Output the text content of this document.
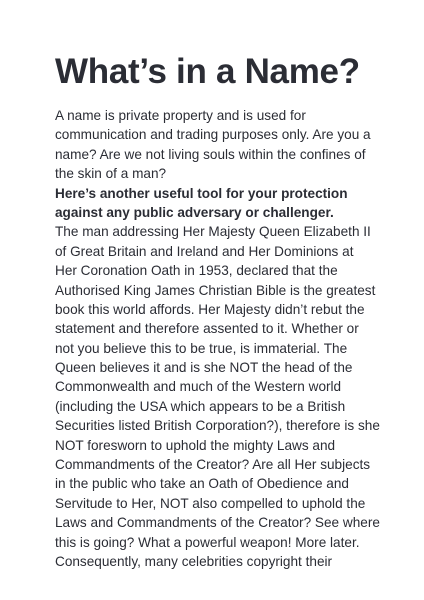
What’s in a Name?
A name is private property and is used for
communication and trading purposes only. Are you a
name? Are we not living souls within the confines of
the skin of a man?
Here’s another useful tool for your protection
against any public adversary or challenger.
The man addressing Her Majesty Queen Elizabeth II
of Great Britain and Ireland and Her Dominions at
Her Coronation Oath in 1953, declared that the
Authorised King James Christian Bible is the greatest
book this world affords. Her Majesty didn’t rebut the
statement and therefore assented to it. Whether or
not you believe this to be true, is immaterial. The
Queen believes it and is she NOT the head of the
Commonwealth and much of the Western world
(including the USA which appears to be a British
Securities listed British Corporation?), therefore is she
NOT foresworn to uphold the mighty Laws and
Commandments of the Creator? Are all Her subjects
in the public who take an Oath of Obedience and
Servitude to Her, NOT also compelled to uphold the
Laws and Commandments of the Creator? See where
this is going? What a powerful weapon! More later.
Consequently, many celebrities copyright their
